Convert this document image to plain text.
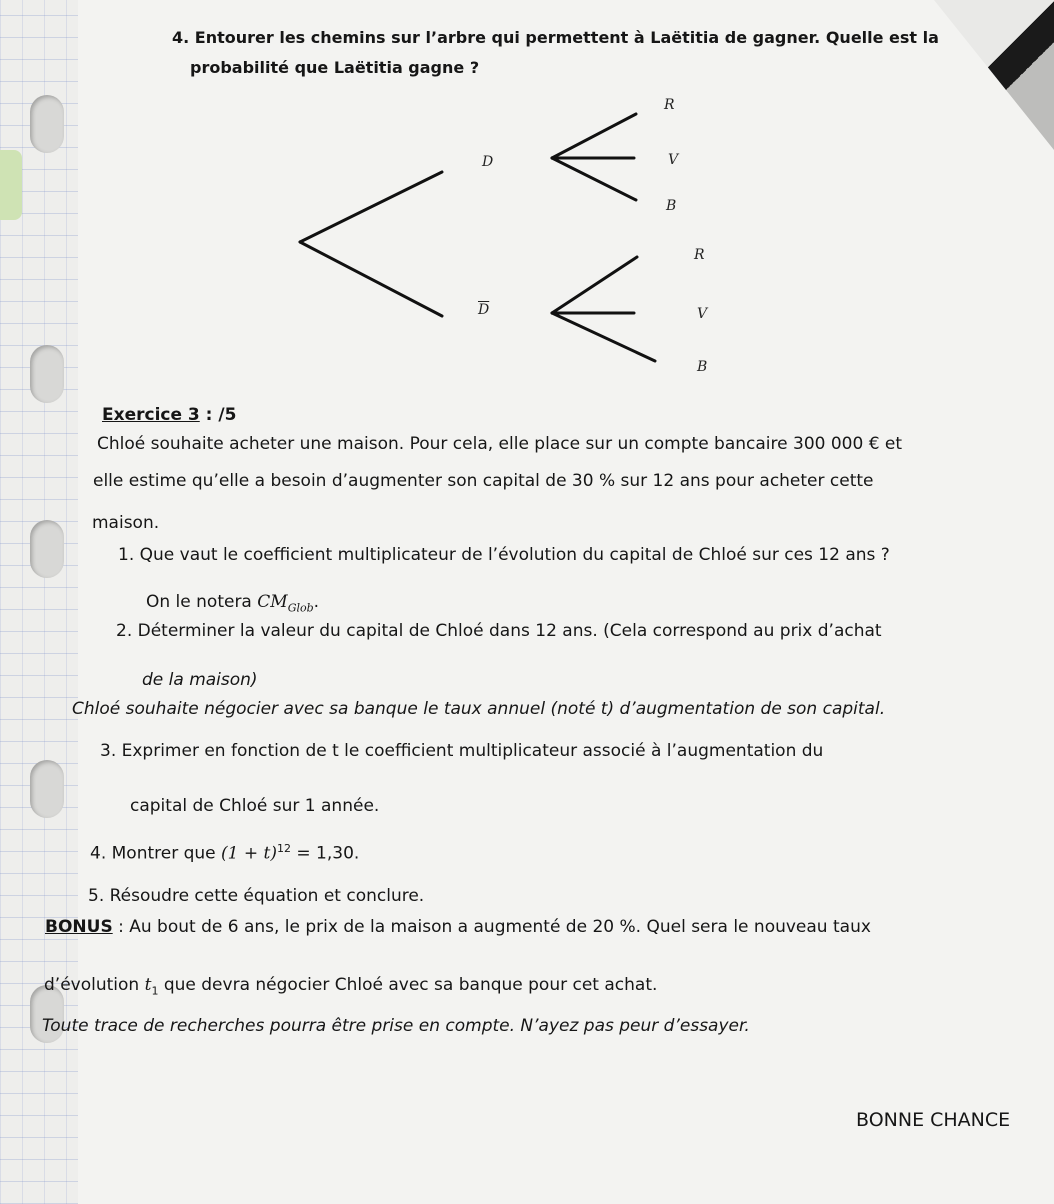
4. Entourer les chemins sur l’arbre qui permettent à Laëtitia de gagner. Quelle est la
probabilité que Laëtitia gagne ?
D
$\overline{D}$
R
V
B
R
V
B
Exercice 3 : /5
Chloé souhaite acheter une maison. Pour cela, elle place sur un compte bancaire 300 000 € et
elle estime qu’elle a besoin d’augmenter son capital de 30 % sur 12 ans pour acheter cette
maison.
1. Que vaut le coefficient multiplicateur de l’évolution du capital de Chloé sur ces 12 ans ?
On le notera $CM_{Glob}$.
2. Déterminer la valeur du capital de Chloé dans 12 ans. (Cela correspond au prix d’achat
de la maison)
Chloé souhaite négocier avec sa banque le taux annuel (noté t) d’augmentation de son capital.
3. Exprimer en fonction de t le coefficient multiplicateur associé à l’augmentation du
capital de Chloé sur 1 année.
4. Montrer que $(1 + t)^{12} = 1,30$.
5. Résoudre cette équation et conclure.
BONUS : Au bout de 6 ans, le prix de la maison a augmenté de 20 %. Quel sera le nouveau taux
d’évolution $t_1$ que devra négocier Chloé avec sa banque pour cet achat.
Toute trace de recherches pourra être prise en compte. N’ayez pas peur d’essayer.
BONNE CHANCE
